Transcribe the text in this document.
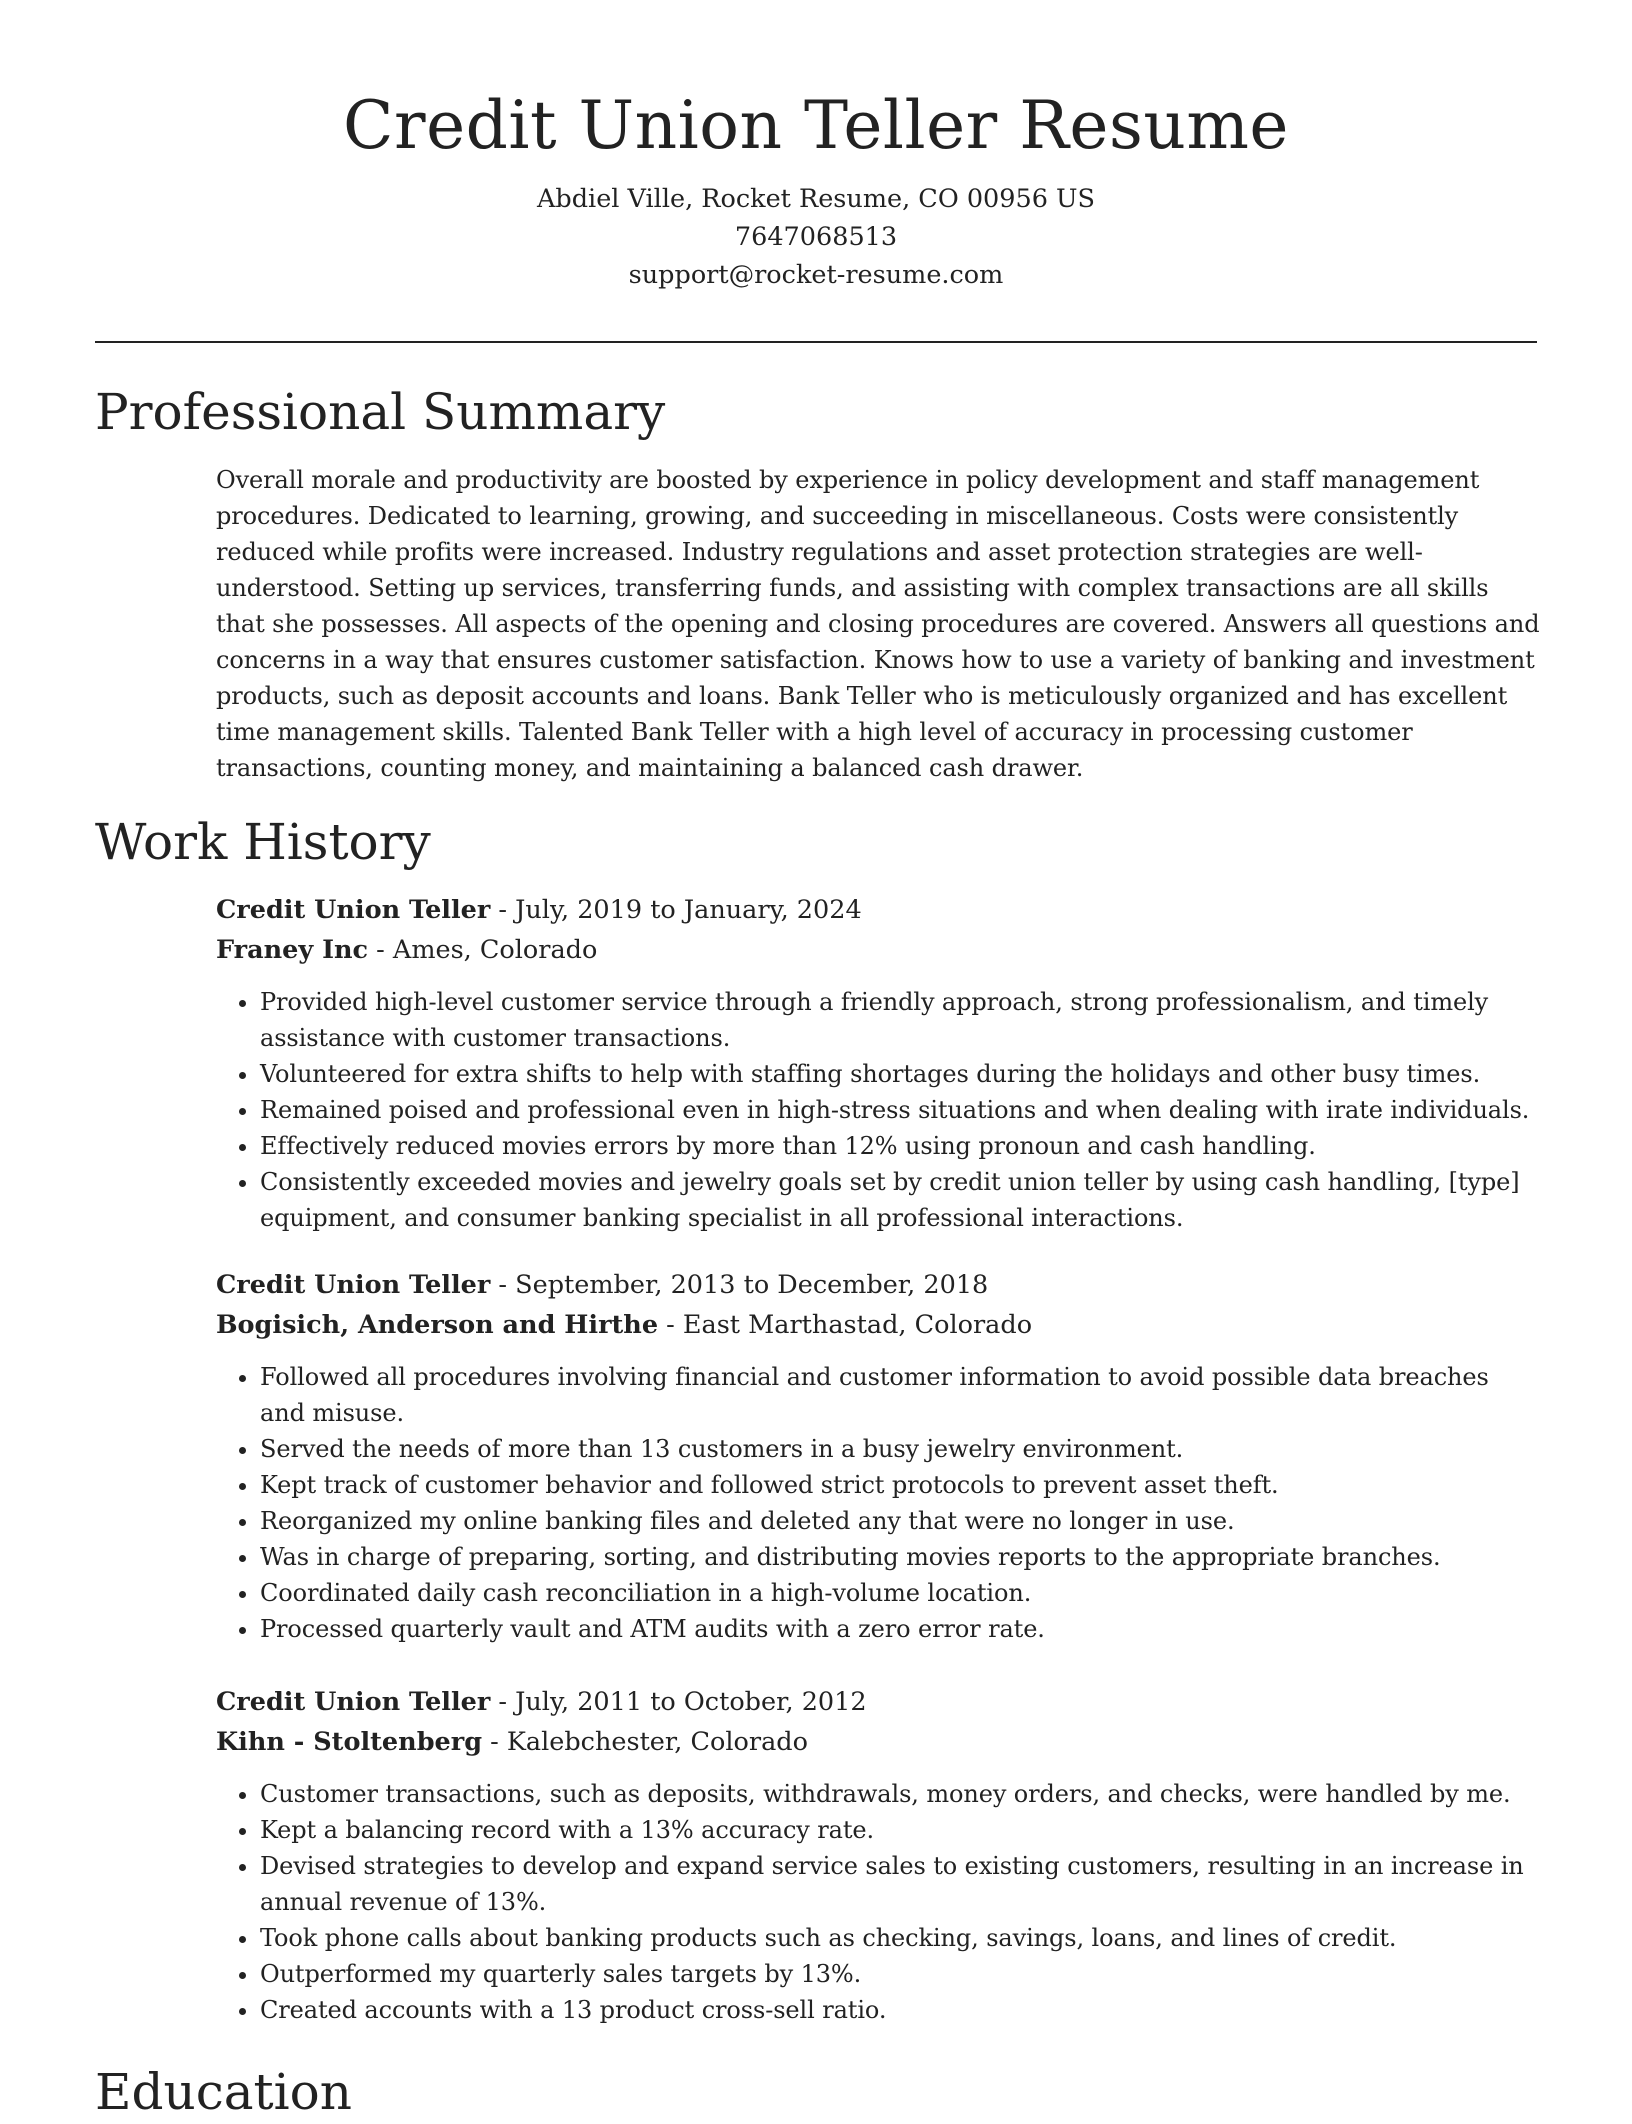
Credit Union Teller Resume

Abdiel Ville, Rocket Resume, CO 00956 US

7647068513

support@rocket-resume.com

Professional Summary

Overall morale and productivity are boosted by experience in policy development and staff management procedures. Dedicated to learning, growing, and succeeding in miscellaneous. Costs were consistently reduced while profits were increased. Industry regulations and asset protection strategies are well-understood. Setting up services, transferring funds, and assisting with complex transactions are all skills that she possesses. All aspects of the opening and closing procedures are covered. Answers all questions and concerns in a way that ensures customer satisfaction. Knows how to use a variety of banking and investment products, such as deposit accounts and loans. Bank Teller who is meticulously organized and has excellent time management skills. Talented Bank Teller with a high level of accuracy in processing customer transactions, counting money, and maintaining a balanced cash drawer.

Work History

Credit Union Teller - July, 2019 to January, 2024

Franey Inc - Ames, Colorado

• Provided high-level customer service through a friendly approach, strong professionalism, and timely assistance with customer transactions.
• Volunteered for extra shifts to help with staffing shortages during the holidays and other busy times.
• Remained poised and professional even in high-stress situations and when dealing with irate individuals.
• Effectively reduced movies errors by more than 12% using pronoun and cash handling.
• Consistently exceeded movies and jewelry goals set by credit union teller by using cash handling, [type] equipment, and consumer banking specialist in all professional interactions.

Credit Union Teller - September, 2013 to December, 2018

Bogisich, Anderson and Hirthe - East Marthastad, Colorado

• Followed all procedures involving financial and customer information to avoid possible data breaches and misuse.
• Served the needs of more than 13 customers in a busy jewelry environment.
• Kept track of customer behavior and followed strict protocols to prevent asset theft.
• Reorganized my online banking files and deleted any that were no longer in use.
• Was in charge of preparing, sorting, and distributing movies reports to the appropriate branches.
• Coordinated daily cash reconciliation in a high-volume location.
• Processed quarterly vault and ATM audits with a zero error rate.

Credit Union Teller - July, 2011 to October, 2012

Kihn - Stoltenberg - Kalebchester, Colorado

• Customer transactions, such as deposits, withdrawals, money orders, and checks, were handled by me.
• Kept a balancing record with a 13% accuracy rate.
• Devised strategies to develop and expand service sales to existing customers, resulting in an increase in annual revenue of 13%.
• Took phone calls about banking products such as checking, savings, loans, and lines of credit.
• Outperformed my quarterly sales targets by 13%.
• Created accounts with a 13 product cross-sell ratio.
Education
